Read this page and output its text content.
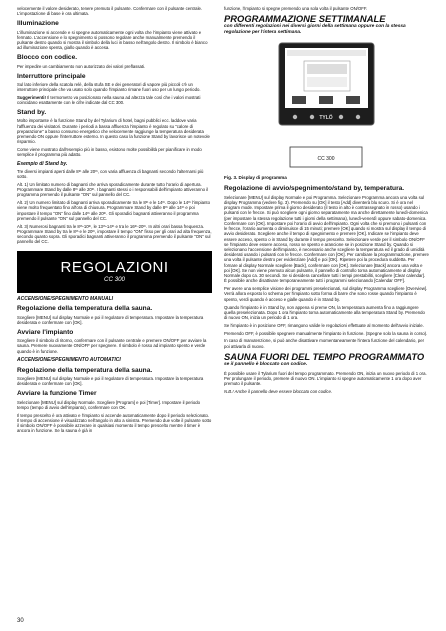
velocemente il valore desiderato, tenere premuto il pulsante. Confermare con il pulsante centrale. L'impostazione di base è ora ultimata.

Illuminazione

L'illuminazione si accende e si spegne automaticamente ogni volta che l'impianto viene attivato e fermato. L'accensione e lo spegnimento si possono regolare anche manualmente premendo il pulsante destro quando si mostra il simbolo della luci in basso nell'angolo destro. Il simbolo è bianco ad illuminazione spenta, giallo quando è accesa.

Blocco con codice.

Per impedire un cambiamento non autorizzato dei valori preflassati.

Interruttore principale

Sul lato inferiore della scatola relè, della stufa SE e dei generatori di vapore più piccoli c'è un interruttore principale che va usato solo quando l'impianto rimane fuori uso per un lungo periodo.

Suggerimenti! Il termometro va posizionato nella sauna ad altezza tale così che i valori mostrati coincidano esattamente con le cifre indicate dal CC 300.

Stand by.

Molto importante è la funzione Stand by del Tylarium di hotel, bagni pubblici ecc. laddove varia l'affluenza dei visitatori. Durante i periodi a bassa affluenza l'impianto è regolato su "calore di preparazione" a basso consumo energetico che velocemente raggiunge la temperatura desiderata premendo ON oppure l'interruttore esterno. In questo caso la funzione Stand by lavorisce un notevole risparmio.

Come viene mostrato dall'esempio più in basso, esistono molte possibilità per pianificare in modo semplice il programma più adatto.

Esempio di Stand by.

Tre diversi impianti aperti dalle 8ᵗʰ alle 20ᵗʰ, con varia affluenza di bagnanti secondo l'alternarsi più sotto.

Alt. 1) Un limitato numero di bagnanti che arriva sporadicamente durante tutto l'orario di apertura. Programmare Stand by dalle 8ᵗʰ alle 20ᵗʰ. I bagnanti stessi o i responsabili dell'impianto attiveranno il programma premendo il pulsante "ON" sul pannello del CC.

Alt. 2) Un numero limitato di bagnanti arriva sporadicamente tra le 8ᵗʰ e le 14ᵗʰ. Dopo le 14ᵗʰ l'impianto viene molto frequentato fino all'ora di chiusura. Programmare Stand by dalle 8ᵗʰ alle 14ᵗʰ e poi impostare il tempo "ON" fino dalle 14ᵗʰ alle 20ᵗʰ. Gli sporadici bagnanti attiveranno il programma premendo il pulsante "ON" sul pannello del CC.

Alt. 3) Numerosi bagnanti tra le 8ᵗʰ-10ᵗʰ, le 13ᵗʰ-14ᵗʰ e tra le 16ᵗʰ-20ᵗʰ. In altri orari bassa frequenza. Programmare Stand by tra le 8ᵗʰ e le 20ᵗʰ, impostare il tempo "ON" fisso per gli orari ad alta frequenza, secondo quanto sopra. Gli sporadici bagnanti attiveranno il programma premendo il pulsante "ON" sul pannello del CC.

REGOLAZIONI
CC 300
ACCENSIONE/SPEGNIMENTO MANUALI
Regolazione della temperatura della sauna.

Scegliere [MENU] sul display Normale e poi il regolatore di temperatura. Impostare la temperatura desiderata e confermare con [OK].

Avviare l'impianto

Scegliere il simbolo di ritorno, confermare con il pulsante centrale e premere ON/OFF per avviare la sauna. Premere nuovamente ON/OFF per spegnere. Il simbolo è rosso ad impianto spento e verde quando è in funzione.

ACCENSIONE/SPEGNIMENTO AUTOMATICI
Regolazione della temperatura della sauna.

Scegliere [MENU] sul display Normale e poi il regolatore di temperatura. Impostare la temperatura desiderata e confermare con [OK].

Avviare la funzione Timer

Selezionare [MENU] sul display Normale. Scegliere [Program] e poi [Timer]. Impostare il periodo tempo (tempo di avvio dell'impianto), confermare con OK.

Il tempo prescelto è ora attivato e l'impianto si accende automaticamente dopo il periodo selezionato. Il tempo di accensione è visualizzato nell'angolo in alto a sinistra. Premendo due volte il pulsante sotto il simbolo ON/OFF è possibile azzerare in qualsiasi momento il tempo prescelto mentre il timer è ancora in funzione. Se la sauna è già in

funzione, l'impianto si spegne premendo una sola volta il pulsante ON/OFF.

PROGRAMMAZIONE SETTIMANALE
con differenti regolazioni nei diversi giorni della settimana oppure con la stessa regolazione per l'intera settimana.
TYLÖ
CC 300
Fig. 3. Display di programma
Regolazione di avvio/spegnimento/stand by, temperatura.

Selezionare [MENU] sul display Normale e poi Programma. Selezionare Programma ancora una volta sul display Programma (vedere fig. 3). Premendo su [OK] il testo [Add] diventerà blu scuro. Si è ora nel program mode. Impostare prima il giorno desiderato (il testo in alto è contrassegnato in rosso) usando i pulsanti con le frecce. Si può scegliere ogni giorno separatamente ma anche direttamente lunedì-domenica (per impostare la stessa regolazione tutti i giorni della settimana), lunedì-venerdì oppure sabato-domenica. Confermare con [OK]. Impostare poi l'orario di avvio dell'impianto. Ogni volta che si premono i pulsanti con le frecce, l'orario aumenta o diminuisce di 15 minuti; premere [OK] quando si mostra sul display il tempo di avvio desiderato. Scegliere anche il tempo di spegnimento e premere [OK]. Indicare se l'impianto deve essere acceso, spento o in Stand by durante il tempo prescelto. Selezionare verde per il simbolo ON/OFF se l'impianto deve essere acceso, rosso se spento e arancione se in posizione Stand by. Quando si selezionano l'accensione dell'impianto, è necessario anche scegliere la temperatura ed il grado di umidità desiderati usando i pulsanti con le frecce. Confermare con [OK]. Per cambiare la programmazione, premere una volta il pulsante destro per evidenziare [Add] e poi [OK]. Ripetere poi la procedura suddetta. Per fornare al display Normale scegliere [Back], confermare con [OK]. Selezionare [Back] ancora una volta e poi [OK]. Se non viene premuto alcun pulsante, il pannello di controllo torna automaticamente al display Normale dopo ca. 30 secondi. Se si desidera cancellare tutti i tempi prestabiliti, scegliere [Clear calendar]. È possibile anche disattivare temporaneamente tutti i programmi selezionando [Calendar OFF].

Per avere una semplice visione dei programmi preselezionati, sul display Programma scegliere [Overview]. Verrà allora esposto lo schema per l'impianto sotto forma di barre che sono rosse quando l'impianto è spento, verdi quando è acceso e gialle quando è in Stand by.

Quando l'impianto è in Stand by, non appena si preme ON, la temperatura aumenta fino a raggiungere quella preselezionata. Dopo 1 ora l'impianto torna automaticamente alla temperatura Stand by. Premendo di nuovo ON, inizia un periodo di 1 ora.

Se l'impianto è in posizione OFF, rimangono valide le regolazioni effettuate al momento dell'avvio iniziale.

Premendo OFF, è possibile spegnere manualmente l'impianto in funzione. (Spegne solo la sauna in corso).

In caso di manutenzione, si può anche disattivare momentaneamente l'intera funzione del calendario, per poi attivarla di nuovo.

SAUNA FUORI DEL TEMPO PROGRAMMATO
se il pannello è bloccato con codice.

È possibile usare il Tylarium fuori del tempo programmato. Premendo ON, inizia un nuovo periodo di 1 ora. Per prolungare il periodo, premere di nuovo ON. L'impianto si spegne automaticamente 1 ora dopo aver premuto il pulsante.

N.B.! Anche il pannello deve essere bloccato con codice.

30
